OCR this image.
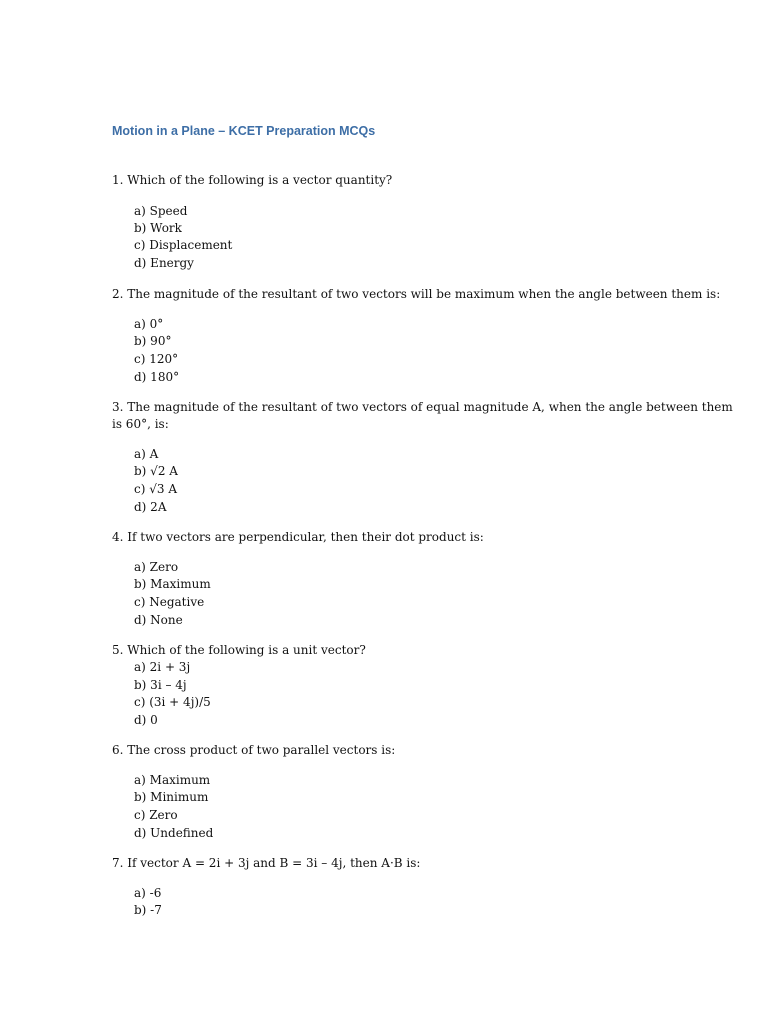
Motion in a Plane – KCET Preparation MCQs
1. Which of the following is a vector quantity?
a) Speed
b) Work
c) Displacement
d) Energy
2. The magnitude of the resultant of two vectors will be maximum when the angle between them is:
a) 0°
b) 90°
c) 120°
d) 180°
3. The magnitude of the resultant of two vectors of equal magnitude A, when the angle between them
is 60°, is:
a) A
b) √2 A
c) √3 A
d) 2A
4. If two vectors are perpendicular, then their dot product is:
a) Zero
b) Maximum
c) Negative
d) None
5. Which of the following is a unit vector?
a) 2i + 3j
b) 3i – 4j
c) (3i + 4j)/5
d) 0
6. The cross product of two parallel vectors is:
a) Maximum
b) Minimum
c) Zero
d) Undefined
7. If vector A = 2i + 3j and B = 3i – 4j, then A·B is:
a) -6
b) -7
